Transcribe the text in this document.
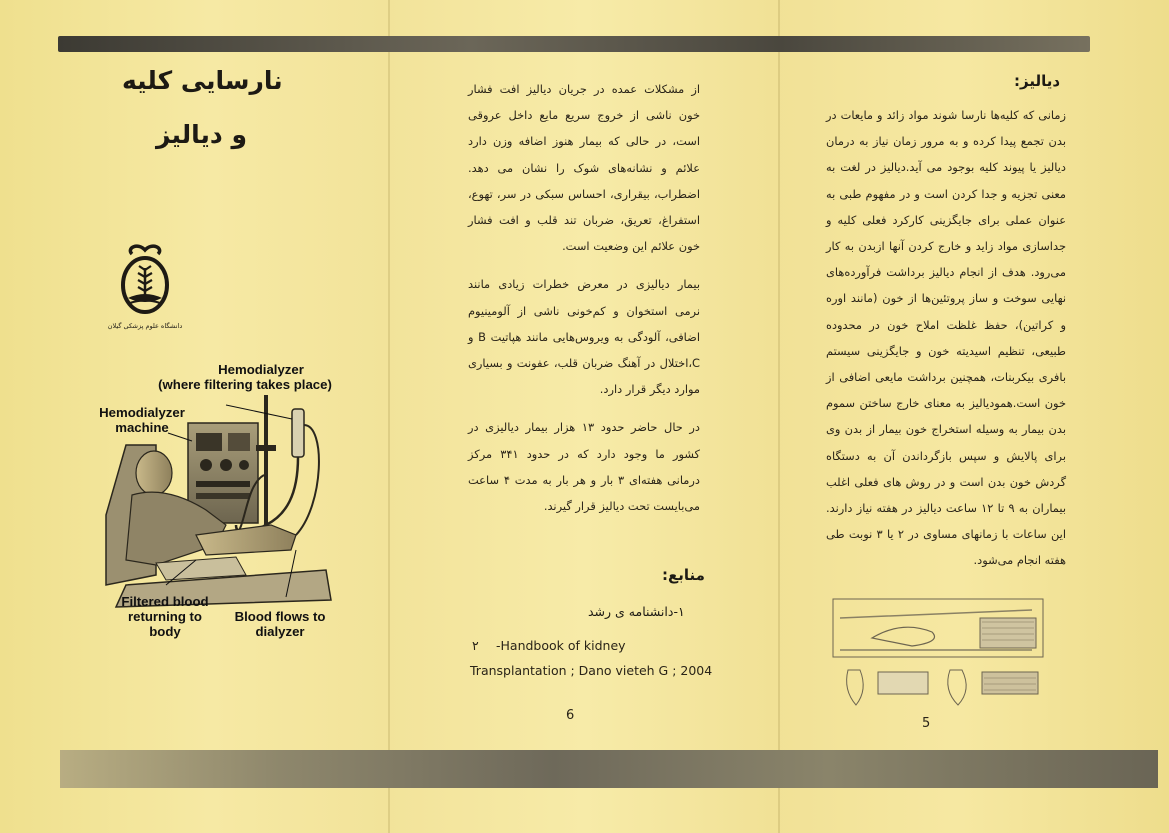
نارسایی کلیه
و دیالیز
دانشگاه علوم پزشکی گیلان
Hemodialyzer
(where filtering takes place)
Hemodialyzer
machine
Filtered blood
returning to
body
Blood flows to
dialyzer

از مشکلات عمده در جریان دیالیز افت فشار خون ناشی از خروج سریع مایع داخل عروقی است، در حالی که بیمار هنوز اضافه وزن دارد علائم و نشانه‌های شوک را نشان می دهد. اضطراب، بیقراری، احساس سبکی در سر، تهوع، استفراغ، تعریق، ضربان تند قلب و افت فشار خون علائم این وضعیت است.

بیمار دیالیزی در معرض خطرات زیادی مانند نرمی استخوان و کم‌خونی ناشی از آلومینیوم اضافی، آلودگی به ویروس‌هایی مانند هپاتیت B و C،اختلال در آهنگ ضربان قلب، عفونت و بسیاری موارد دیگر قرار دارد.

در حال حاضر حدود ۱۳ هزار بیمار دیالیزی در کشور ما وجود دارد که در حدود ۳۴۱ مرکز درمانی هفته‌ای ۳ بار و هر بار به مدت ۴ ساعت می‌بایست تحت دیالیز قرار گیرند.

منابع:
۱-دانشنامه ی رشد
۲ -Handbook of kidney
Transplantation ; Dano vieteh G ; 2004
6
دیالیز:

زمانی که کلیه‌ها نارسا شوند مواد زائد و مایعات در بدن تجمع پیدا کرده و به مرور زمان نیاز به درمان دیالیز یا پیوند کلیه بوجود می آید.دیالیز در لغت به معنی تجزیه و جدا کردن است و در مفهوم طبی به عنوان عملی برای جایگزینی کارکرد فعلی کلیه و جداسازی مواد زاید و خارج کردن آنها ازبدن به کار می‌رود. هدف از انجام دیالیز برداشت فرآورده‌های نهایی سوخت و ساز پروتئین‌ها از خون (مانند اوره و کراتین)، حفظ غلظت املاح خون در محدوده طبیعی، تنظیم اسیدیته خون و جایگزینی سیستم بافری بیکربنات، همچنین برداشت مایعی اضافی از خون است.همودیالیز به معنای خارج ساختن سموم بدن بیمار به وسیله استخراج خون بیمار از بدن وی برای پالایش و سپس بازگرداندن آن به دستگاه گردش خون بدن است و در روش های فعلی اغلب بیماران به ۹ تا ۱۲ ساعت دیالیز در هفته نیاز دارند. این ساعات با زمانهای مساوی در ۲ یا ۳ نوبت طی هفته انجام می‌شود.

5
